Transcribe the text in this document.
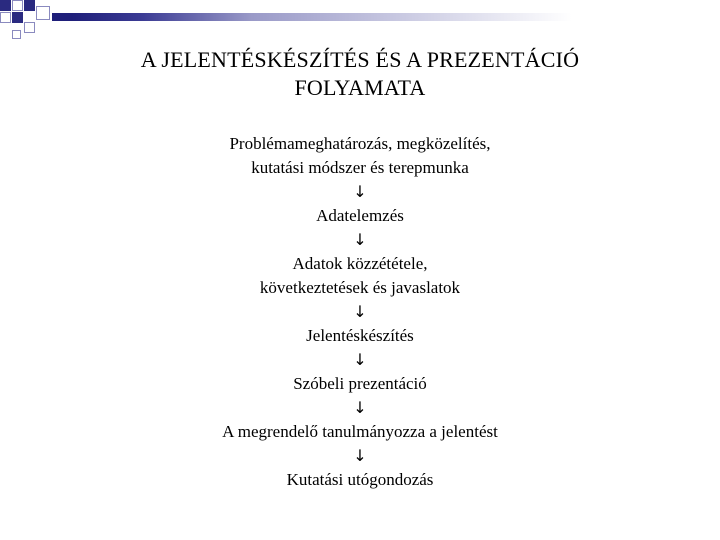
A JELENTÉSKÉSZÍTÉS ÉS A PREZENTÁCIÓ
FOLYAMATA
Problémameghatározás, megközelítés,
kutatási módszer és terepmunka
↓
Adatelemzés
↓
Adatok közzététele,
következtetések és javaslatok
↓
Jelentéskészítés
↓
Szóbeli prezentáció
↓
A megrendelő tanulmányozza a jelentést
↓
Kutatási utógondozás
